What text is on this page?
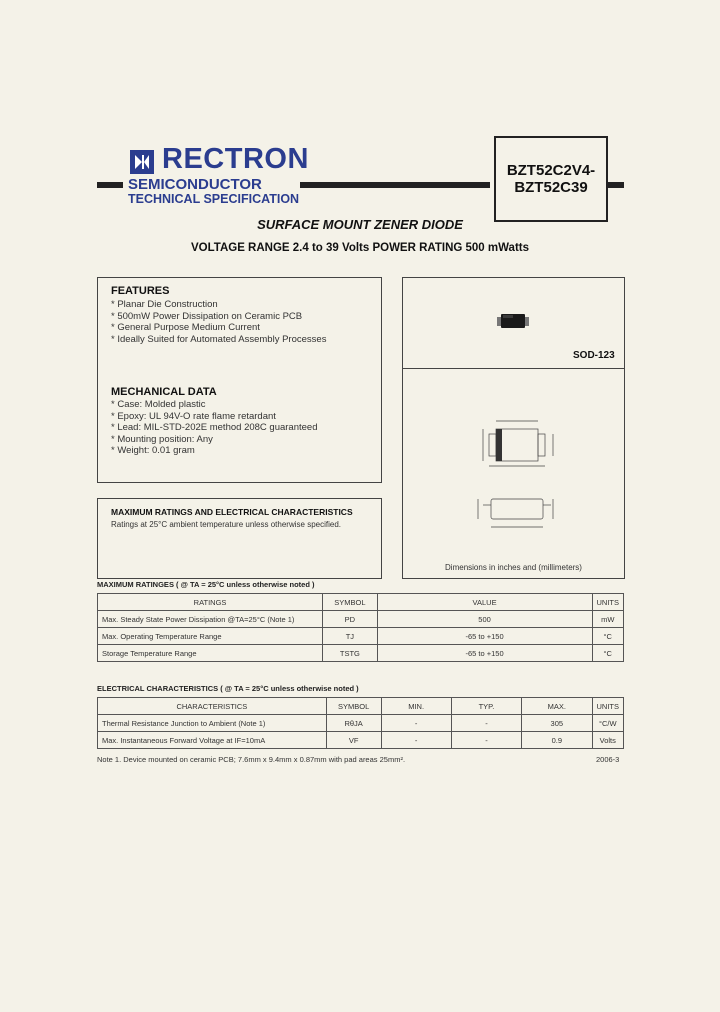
RECTRON
SEMICONDUCTOR
TECHNICAL SPECIFICATION
BZT52C2V4-
BZT52C39
SURFACE MOUNT ZENER DIODE
VOLTAGE RANGE 2.4 to 39 Volts POWER RATING 500 mWatts
FEATURES
* Planar Die Construction
* 500mW Power Dissipation on Ceramic PCB
* General Purpose Medium Current
* Ideally Suited for Automated Assembly Processes
MECHANICAL DATA
* Case: Molded plastic
* Epoxy: UL 94V-O rate flame retardant
* Lead: MIL-STD-202E method 208C guaranteed
* Mounting position: Any
* Weight: 0.01 gram
SOD-123
Dimensions in inches and (millimeters)
MAXIMUM RATINGS AND ELECTRICAL CHARACTERISTICS
Ratings at 25°C ambient temperature unless otherwise specified.
MAXIMUM RATINGES ( @ TA = 25°C unless otherwise noted )
RATINGS	SYMBOL	VALUE	UNITS
Max. Steady State Power Dissipation @TA=25°C (Note 1)	PD	500	mW
Max. Operating Temperature Range	TJ	-65 to +150	°C
Storage Temperature Range	TSTG	-65 to +150	°C
ELECTRICAL CHARACTERISTICS ( @ TA = 25°C unless otherwise noted )
CHARACTERISTICS	SYMBOL	MIN.	TYP.	MAX.	UNITS
Thermal Resistance Junction to Ambient (Note 1)	RθJA	-	-	305	°C/W
Max. Instantaneous Forward Voltage at IF=10mA	VF	-	-	0.9	Volts
Note 1. Device mounted on ceramic PCB; 7.6mm x 9.4mm x 0.87mm with pad areas 25mm².	2006-3
